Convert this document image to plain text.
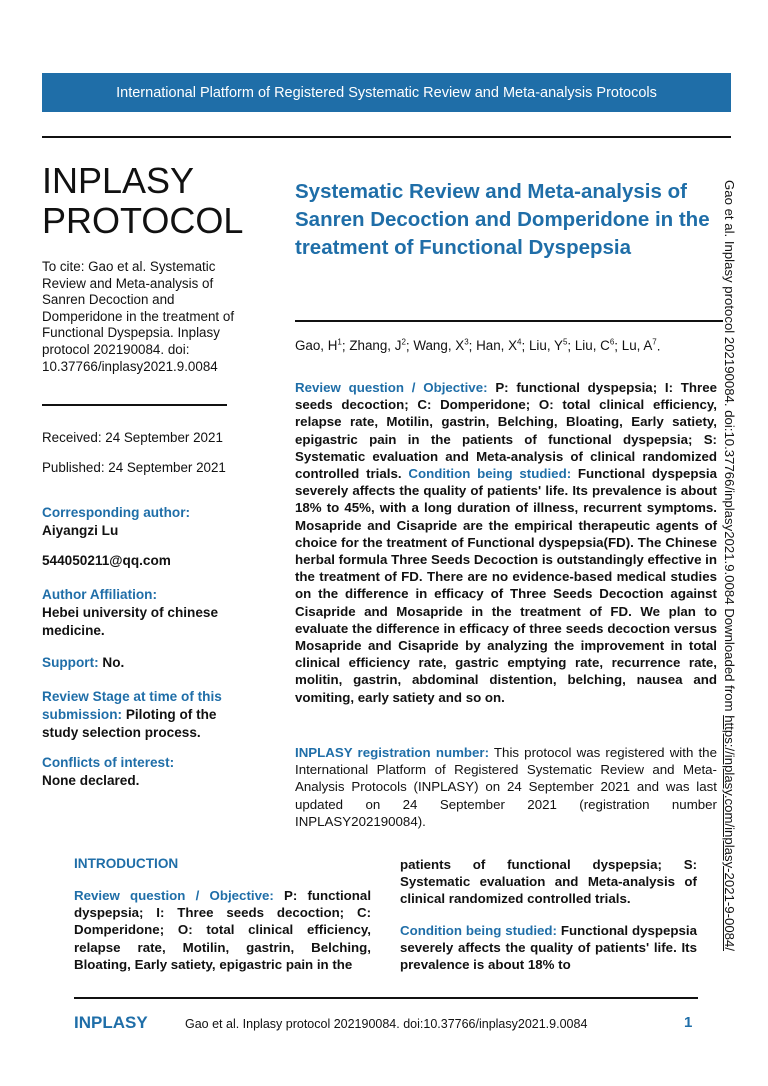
International Platform of Registered Systematic Review and Meta-analysis Protocols
INPLASY
PROTOCOL
To cite: Gao et al. Systematic Review and Meta-analysis of Sanren Decoction and Domperidone in the treatment of Functional Dyspepsia. Inplasy protocol 202190084. doi: 10.37766/inplasy2021.9.0084
Received: 24 September 2021
Published: 24 September 2021
Corresponding author:
Aiyangzi Lu
544050211@qq.com
Author Affiliation:
Hebei university of chinese medicine.
Support: No.
Review Stage at time of this submission: Piloting of the study selection process.
Conflicts of interest:
None declared.
Systematic Review and Meta-analysis of Sanren Decoction and Domperidone in the treatment of Functional Dyspepsia
Gao, $H^1$; Zhang, $J^2$; Wang, $X^3$; Han, $X^4$; Liu, $Y^5$; Liu, $C^6$; Lu, $A^7$.
Review question / Objective: P: functional dyspepsia; I: Three seeds decoction; C: Domperidone; O: total clinical efficiency, relapse rate, Motilin, gastrin, Belching, Bloating, Early satiety, epigastric pain in the patients of functional dyspepsia; S: Systematic evaluation and Meta-analysis of clinical randomized controlled trials. Condition being studied: Functional dyspepsia severely affects the quality of patients' life. Its prevalence is about 18% to 45%, with a long duration of illness, recurrent symptoms. Mosapride and Cisapride are the empirical therapeutic agents of choice for the treatment of Functional dyspepsia(FD). The Chinese herbal formula Three Seeds Decoction is outstandingly effective in the treatment of FD. There are no evidence-based medical studies on the difference in efficacy of Three Seeds Decoction against Cisapride and Mosapride in the treatment of FD. We plan to evaluate the difference in efficacy of three seeds decoction versus Mosapride and Cisapride by analyzing the improvement in total clinical efficiency rate, gastric emptying rate, recurrence rate, molitin, gastrin, abdominal distention, belching, nausea and vomiting, early satiety and so on.
INPLASY registration number: This protocol was registered with the International Platform of Registered Systematic Review and Meta-Analysis Protocols (INPLASY) on 24 September 2021 and was last updated on 24 September 2021 (registration number INPLASY202190084).
INTRODUCTION
Review question / Objective: P: functional dyspepsia; I: Three seeds decoction; C: Domperidone; O: total clinical efficiency, relapse rate, Motilin, gastrin, Belching, Bloating, Early satiety, epigastric pain in the
patients of functional dyspepsia; S: Systematic evaluation and Meta-analysis of clinical randomized controlled trials.
Condition being studied: Functional dyspepsia severely affects the quality of patients' life. Its prevalence is about 18% to
INPLASY	Gao et al. Inplasy protocol 202190084. doi:10.37766/inplasy2021.9.0084	1
Gao et al. Inplasy protocol 202190084. doi:10.37766/inplasy2021.9.0084 Downloaded from https://inplasy.com/inplasy-2021-9-0084/
